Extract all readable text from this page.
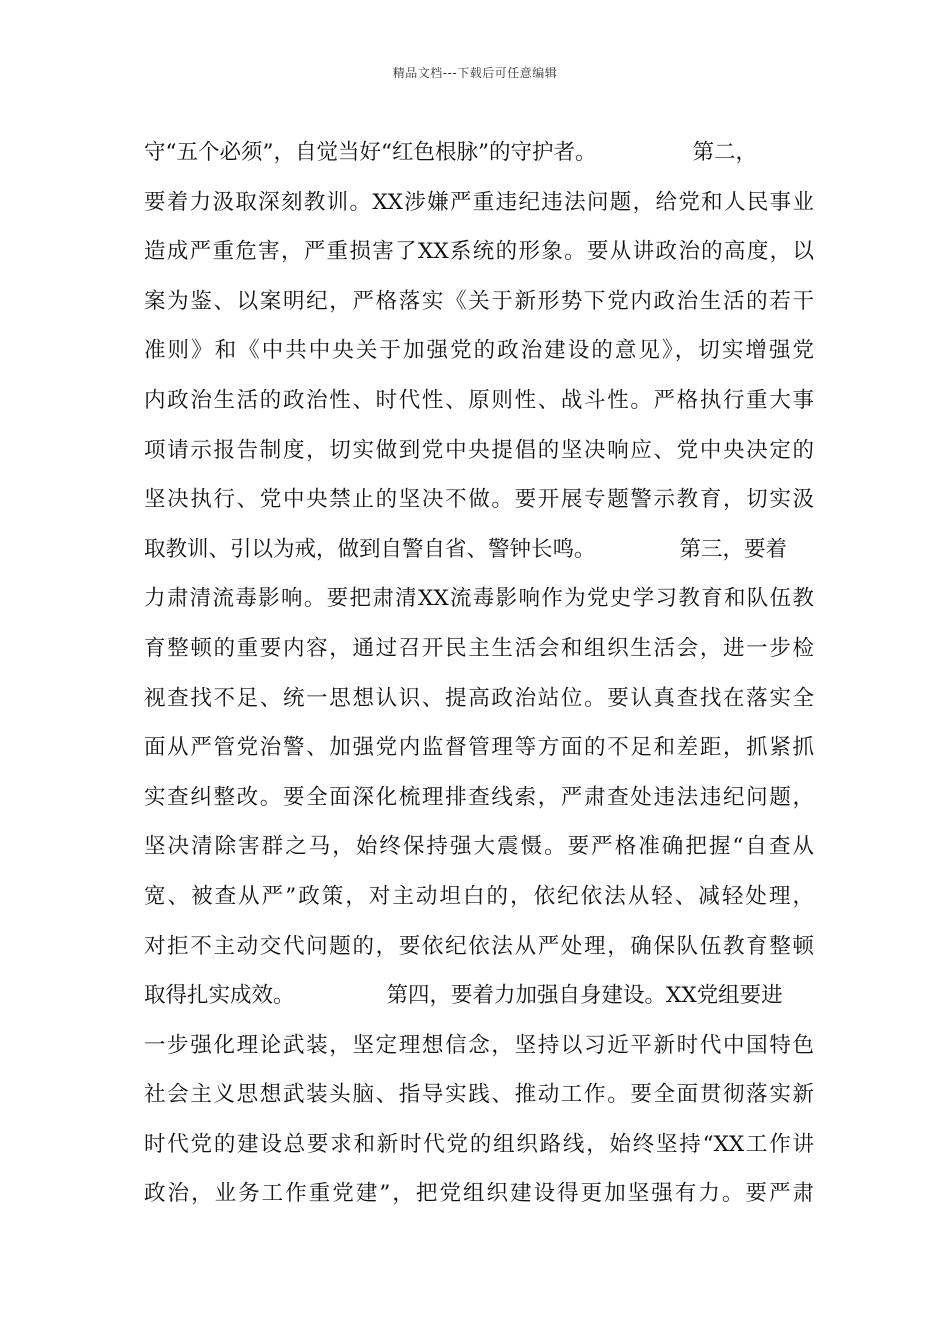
精品文档---下载后可任意编辑
守“五个必须”，自觉当好“红色根脉”的守护者。	第二，
要着力汲取深刻教训。XX涉嫌严重违纪违法问题，给党和人民事业
造成严重危害，严重损害了XX系统的形象。要从讲政治的高度，以
案为鉴、以案明纪，严格落实《关于新形势下党内政治生活的若干
准则》和《中共中央关于加强党的政治建设的意见》，切实增强党
内政治生活的政治性、时代性、原则性、战斗性。严格执行重大事
项请示报告制度，切实做到党中央提倡的坚决响应、党中央决定的
坚决执行、党中央禁止的坚决不做。要开展专题警示教育，切实汲
取教训、引以为戒，做到自警自省、警钟长鸣。	第三，要着
力肃清流毒影响。要把肃清XX流毒影响作为党史学习教育和队伍教
育整顿的重要内容，通过召开民主生活会和组织生活会，进一步检
视查找不足、统一思想认识、提高政治站位。要认真查找在落实全
面从严管党治警、加强党内监督管理等方面的不足和差距，抓紧抓
实查纠整改。要全面深化梳理排查线索，严肃查处违法违纪问题，
坚决清除害群之马，始终保持强大震慑。要严格准确把握“自查从
宽、被查从严”政策，对主动坦白的，依纪依法从轻、减轻处理，
对拒不主动交代问题的，要依纪依法从严处理，确保队伍教育整顿
取得扎实成效。	第四，要着力加强自身建设。XX党组要进
一步强化理论武装，坚定理想信念，坚持以习近平新时代中国特色
社会主义思想武装头脑、指导实践、推动工作。要全面贯彻落实新
时代党的建设总要求和新时代党的组织路线，始终坚持“XX工作讲
政治，业务工作重党建”，把党组织建设得更加坚强有力。要严肃
